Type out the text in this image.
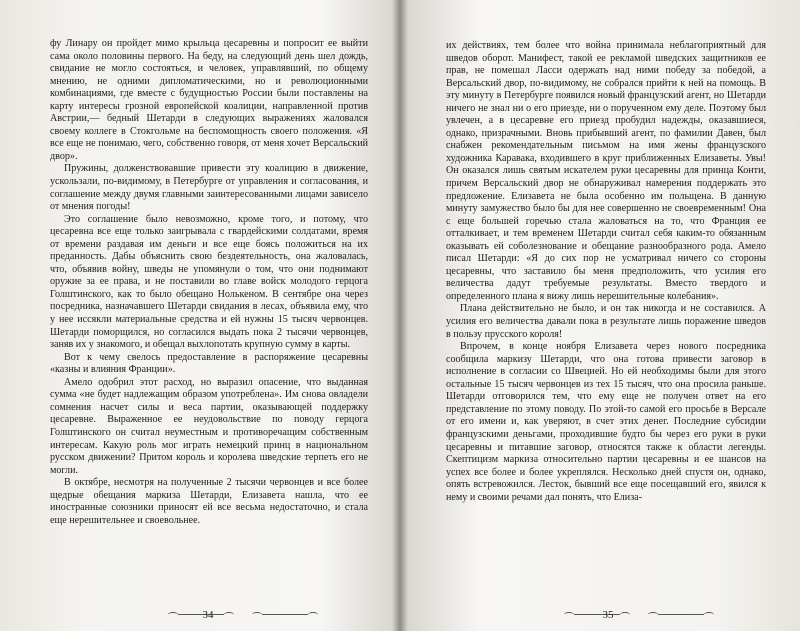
фу Линару он пройдет мимо крыльца цесаревны и попросит ее выйти сама около половины первого. На беду, на следующий день шел дождь, свидание не могло состояться, и человек, управлявший, по общему мнению, не одними дипломатическими, но и революционными комбинациями, где вместе с будущностью России были поставлены на карту интересы грозной европейской коалиции, направленной против Австрии,— бедный Шетарди в следующих выражениях жаловался своему коллеге в Стокгольме на беспомощность своего положения. «Я все еще не понимаю, чего, собственно говоря, от меня хочет Версальский двор».

Пружины, долженствовавшие привести эту коалицию в движение, ускользали, по-видимому, в Петербурге от управления и согласования, и соглашение между двумя главными заинтересованными лицами зависело от мнения погоды!

Это соглашение было невозможно, кроме того, и потому, что цесаревна все еще только заигрывала с гвардейскими солдатами, время от времени раздавая им деньги и все еще боясь положиться на их преданность. Дабы объяснить свою бездеятельность, она жаловалась, что, объявив войну, шведы не упомянули о том, что они поднимают оружие за ее права, и не поставили во главе войск молодого герцога Голштинского, как то было обещано Нолькеном. В сентябре она через посредника, назначавшего Шетарди свидания в лесах, объявила ему, что у нее иссякли материальные средства и ей нужны 15 тысяч червонцев. Шетарди поморщился, но согласился выдать пока 2 тысячи червонцев, заняв их у знакомого, и обещал выхлопотать крупную сумму в карты.

Вот к чему свелось предоставление в распоряжение цесаревны «казны и влияния Франции».

Амело одобрил этот расход, но выразил опасение, что выданная сумма «не будет надлежащим образом употреблена». Им снова овладели сомнения насчет силы и веса партии, оказывающей поддержку цесаревне. Выраженное ее неудовольствие по поводу герцога Голштинского он считал неуместным и противоречащим собственным интересам. Какую роль мог играть немецкий принц в национальном русском движении? Притом король и королева шведские терпеть его не могли.

В октябре, несмотря на полученные 2 тысячи червонцев и все более щедрые обещания маркиза Шетарди, Елизавета нашла, что ее иностранные союзники приносят ей все весьма недостаточно, и стала еще нерешительнее и своевольнее.

34

их действиях, тем более что война принимала неблагоприятный для шведов оборот. Манифест, такой ее рекламой шведских защитников ее прав, не помешал Ласси одержать над ними победу за победой, а Версальский двор, по-видимому, не собрался прийти к ней на помощь. В эту минуту в Петербурге появился новый французский агент, но Шетарди ничего не знал ни о его приезде, ни о порученном ему деле. Поэтому был увлечен, а в цесаревне его приезд пробудил надежды, оказавшиеся, однако, призрачными. Вновь прибывший агент, по фамилии Давен, был снабжен рекомендательным письмом на имя жены французского художника Каравака, входившего в круг приближенных Елизаветы. Увы! Он оказался лишь святым искателем руки цесаревны для принца Конти, причем Версальский двор не обнаруживал намерения поддержать это предложение. Елизавета не была особенно им польщена. В данную минуту замужество было бы для нее совершенно не своевременным! Она с еще большей горечью стала жаловаться на то, что Франция ее отталкивает, и тем временем Шетарди считал себя каким-то обязанным оказывать ей соболезнование и обещание разнообразного рода. Амело писал Шетарди: «Я до сих пор не усматривал ничего со стороны цесаревны, что заставило бы меня предположить, что усилия его величества дадут требуемые результаты. Вместо твердого и определенного плана я вижу лишь нерешительные колебания».

Плана действительно не было, и он так никогда и не составился. А усилия его величества давали пока в результате лишь поражение шведов в пользу прусского короля!

Впрочем, в конце ноября Елизавета через нового посредника сообщила маркизу Шетарди, что она готова привести заговор в исполнение в согласии со Швецией. Но ей необходимы были для этого остальные 15 тысяч червонцев из тех 15 тысяч, что она просила раньше. Шетарди отговорился тем, что ему еще не получен ответ на его представление по этому поводу. По этой-то самой его просьбе в Версале от его имени и, как уверяют, в счет этих денег. Последние субсидии французскими деньгами, проходившие будто бы через его руки в руки цесаревны и питавшие заговор, относятся также к области легенды. Скептицизм маркиза относительно партии цесаревны и ее шансов на успех все более и более укреплялся. Несколько дней спустя он, однако, опять встревожился. Лесток, бывший все еще посещавший его, явился к нему и своими речами дал понять, что Елиза-

35
